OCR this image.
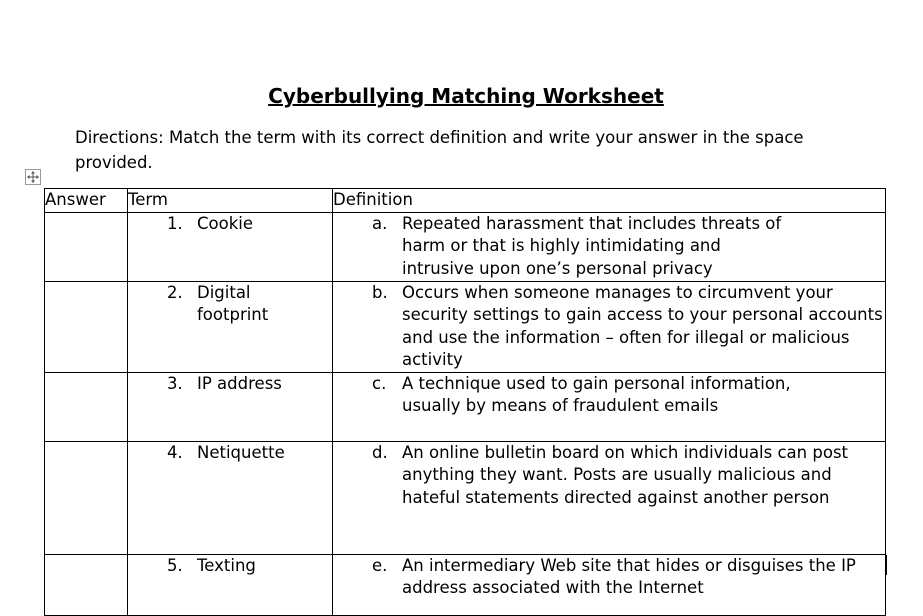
Cyberbullying Matching Worksheet
Directions: Match the term with its correct definition and write your answer in the space provided.
Answer	Term	Definition

	1. Cookie	a. Repeated harassment that includes threats of harm or that is highly intimidating and intrusive upon one’s personal privacy

	2. Digital footprint	b. Occurs when someone manages to circumvent your security settings to gain access to your personal accounts and use the information – often for illegal or malicious activity

	3. IP address	c. A technique used to gain personal information, usually by means of fraudulent emails

	4. Netiquette	d. An online bulletin board on which individuals can post anything they want. Posts are usually malicious and hateful statements directed against another person

	5. Texting	e. An intermediary Web site that hides or disguises the IP address associated with the Internet
